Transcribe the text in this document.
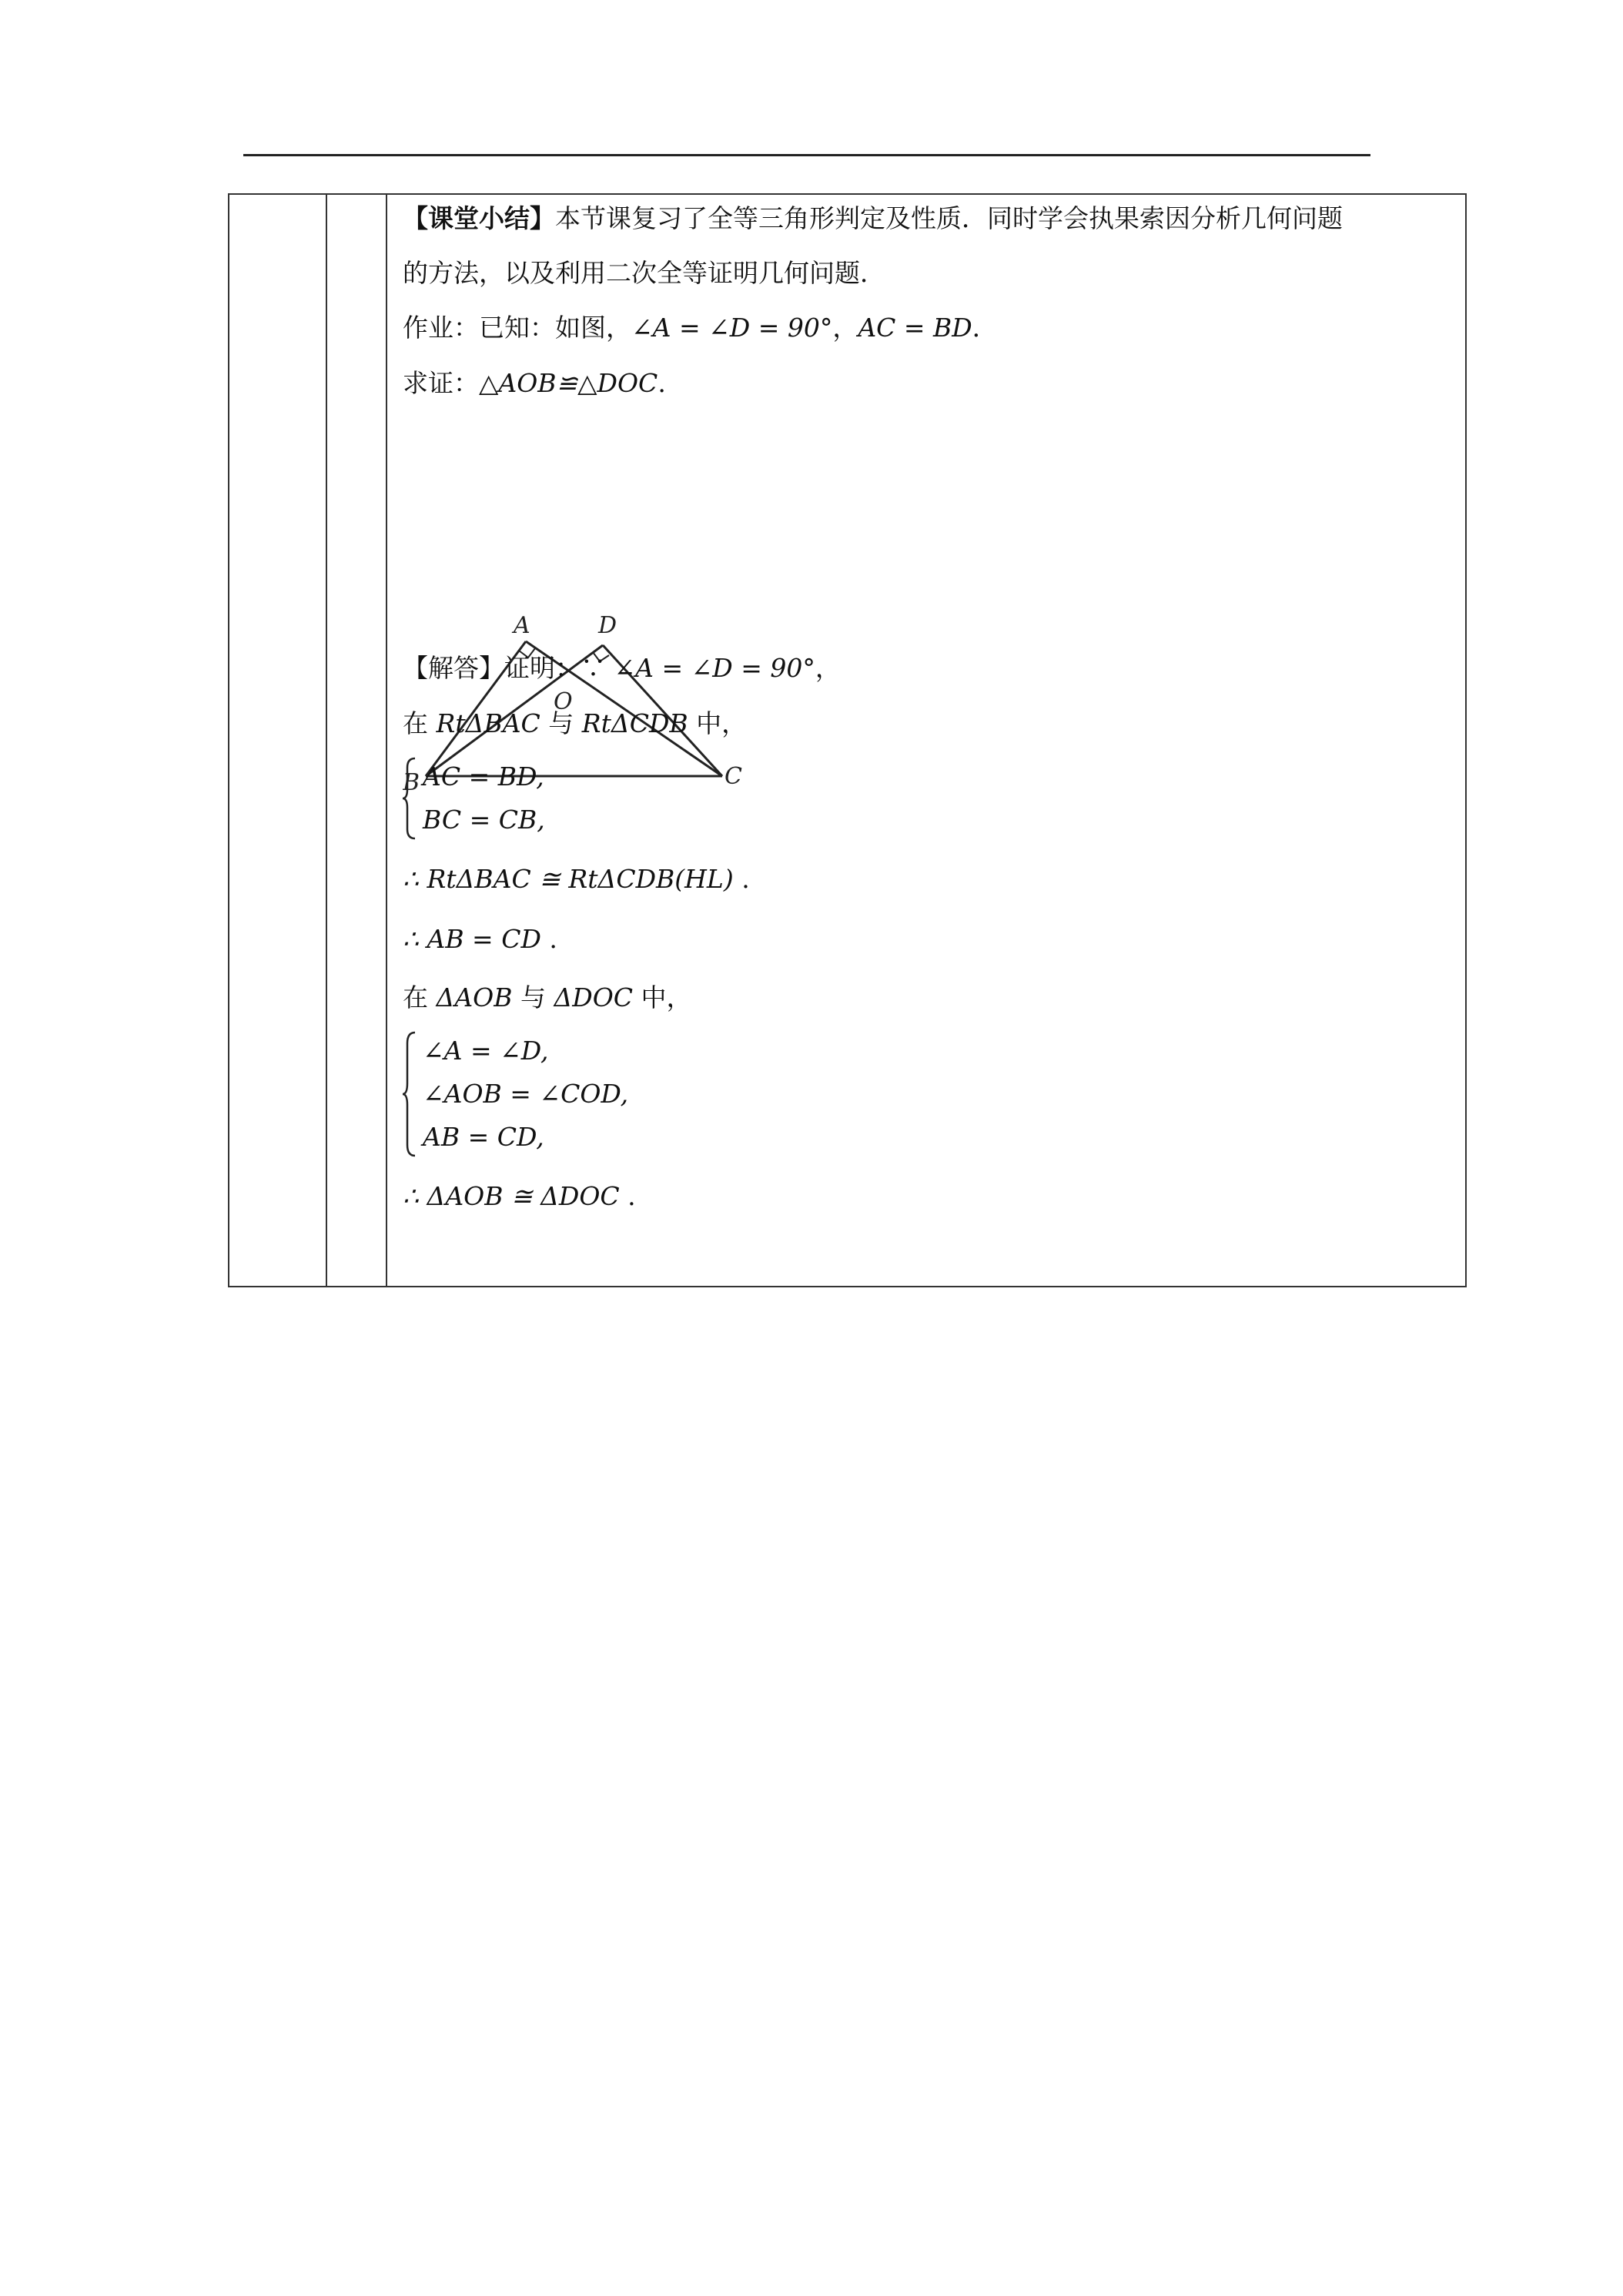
【课堂小结】本节课复习了全等三角形判定及性质．同时学会执果索因分析几何问题
的方法，以及利用二次全等证明几何问题．
作业：已知：如图，∠A = ∠D = 90°，AC = BD．
求证：△AOB≌△DOC.
A	D
O
B	C
【解答】证明：∵ ∠A = ∠D = 90°，
在 RtΔBAC 与 RtΔCDB 中，
AC = BD,
BC = CB,
∴ RtΔBAC ≅ RtΔCDB(HL) .
∴ AB = CD .
在 ΔAOB 与 ΔDOC 中，
∠A = ∠D,
∠AOB = ∠COD,
AB = CD,
∴ ΔAOB ≅ ΔDOC .
